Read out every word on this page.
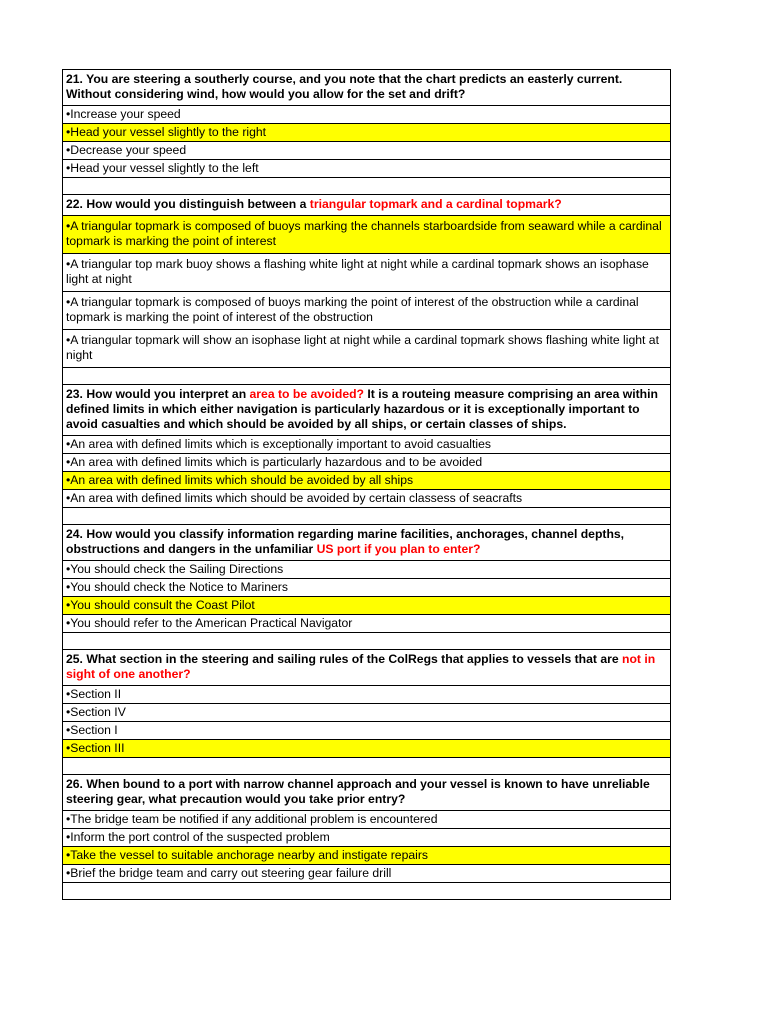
21. You are steering a southerly course, and you note that the chart predicts an easterly current. Without considering wind, how would you allow for the set and drift?
•Increase your speed
•Head your vessel slightly to the right
•Decrease your speed
•Head your vessel slightly to the left

22. How would you distinguish between a triangular topmark and a cardinal topmark?
•A triangular topmark is composed of buoys marking the channels starboardside from seaward while a cardinal topmark is marking the point of interest
•A triangular top mark buoy shows a flashing white light at night while a cardinal topmark shows an isophase light at night
•A triangular topmark is composed of buoys marking the point of interest of the obstruction while a cardinal topmark is marking the point of interest of the obstruction
•A triangular topmark will show an isophase light at night while a cardinal topmark shows flashing white light at night

23. How would you interpret an area to be avoided? It is a routeing measure comprising an area within defined limits in which either navigation is particularly hazardous or it is exceptionally important to avoid casualties and which should be avoided by all ships, or certain classes of ships.
•An area with defined limits which is exceptionally important to avoid casualties
•An area with defined limits which is particularly hazardous and to be avoided
•An area with defined limits which should be avoided by all ships
•An area with defined limits which should be avoided by certain classess of seacrafts

24. How would you classify information regarding marine facilities, anchorages, channel depths, obstructions and dangers in the unfamiliar US port if you plan to enter?
•You should check the Sailing Directions
•You should check the Notice to Mariners
•You should consult the Coast Pilot
•You should refer to the American Practical Navigator

25. What section in the steering and sailing rules of the ColRegs that applies to vessels that are not in sight of one another?
•Section II
•Section IV
•Section I
•Section III

26. When bound to a port with narrow channel approach and your vessel is known to have unreliable steering gear, what precaution would you take prior entry?
•The bridge team be notified if any additional problem is encountered
•Inform the port control of the suspected problem
•Take the vessel to suitable anchorage nearby and instigate repairs
•Brief the bridge team and carry out steering gear failure drill
